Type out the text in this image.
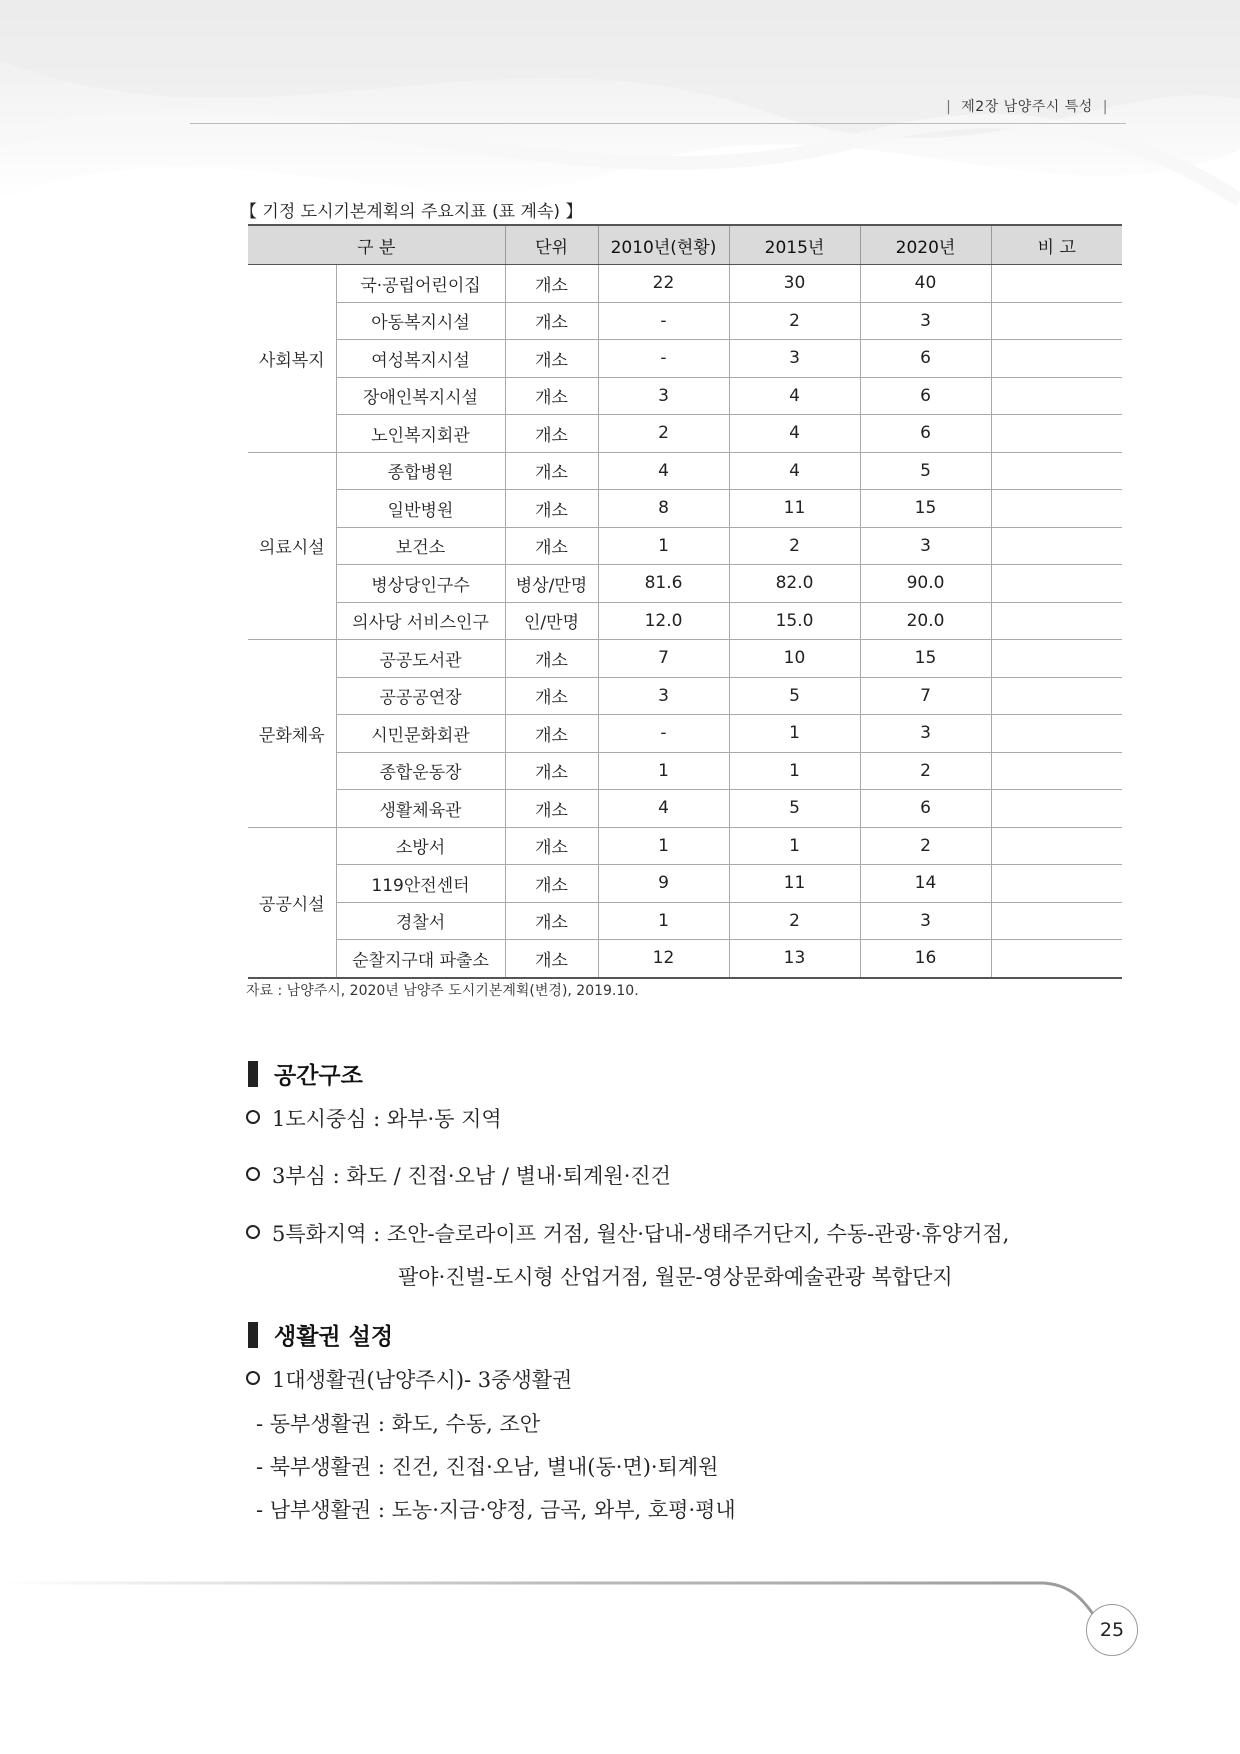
| 제2장 남양주시 특성 |
【 기정 도시기본계획의 주요지표 (표 계속) 】
구 분		단위	2010년(현황)	2015년	2020년	비 고
사회복지	국·공립어린이집	개소	22	30	40	
	아동복지시설	개소	-	2	3	
	여성복지시설	개소	-	3	6	
	장애인복지시설	개소	3	4	6	
	노인복지회관	개소	2	4	6	
의료시설	종합병원	개소	4	4	5	
	일반병원	개소	8	11	15	
	보건소	개소	1	2	3	
	병상당인구수	병상/만명	81.6	82.0	90.0	
	의사당 서비스인구	인/만명	12.0	15.0	20.0	
문화체육	공공도서관	개소	7	10	15	
	공공공연장	개소	3	5	7	
	시민문화회관	개소	-	1	3	
	종합운동장	개소	1	1	2	
	생활체육관	개소	4	5	6	
공공시설	소방서	개소	1	1	2	
	119안전센터	개소	9	11	14	
	경찰서	개소	1	2	3	
	순찰지구대 파출소	개소	12	13	16	
자료 : 남양주시, 2020년 남양주 도시기본계획(변경), 2019.10.
공간구조
1도시중심 : 와부·동 지역
3부심 : 화도 / 진접·오남 / 별내·퇴계원·진건
5특화지역 : 조안-슬로라이프 거점, 월산·답내-생태주거단지, 수동-관광·휴양거점,
팔야·진벌-도시형 산업거점, 월문-영상문화예술관광 복합단지
생활권 설정
1대생활권(남양주시)- 3중생활권
- 동부생활권 : 화도, 수동, 조안
- 북부생활권 : 진건, 진접·오남, 별내(동·면)·퇴계원
- 남부생활권 : 도농·지금·양정, 금곡, 와부, 호평·평내
25
